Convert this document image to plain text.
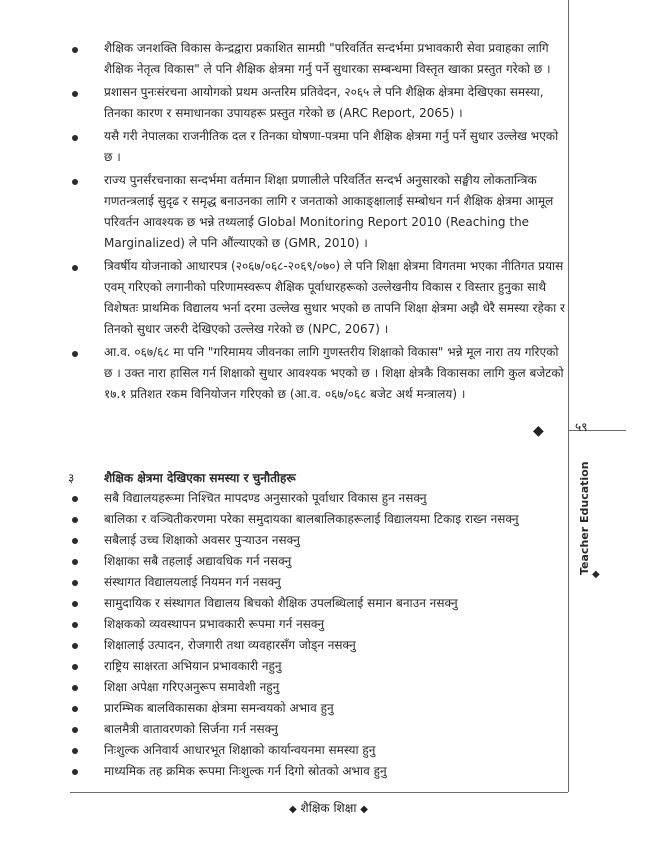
शैक्षिक जनशक्ति विकास केन्द्रद्वारा प्रकाशित सामग्री "परिवर्तित सन्दर्भमा प्रभावकारी सेवा प्रवाहका लागि शैक्षिक नेतृत्व विकास" ले पनि शैक्षिक क्षेत्रमा गर्नु पर्ने सुधारका सम्बन्धमा विस्तृत खाका प्रस्तुत गरेको छ ।
प्रशासन पुनःसंरचना आयोगको प्रथम अन्तरिम प्रतिवेदन, २०६५ ले पनि शैक्षिक क्षेत्रमा देखिएका समस्या, तिनका कारण र समाधानका उपायहरू प्रस्तुत गरेको छ (ARC Report, 2065) ।
यसै गरी नेपालका राजनीतिक दल र तिनका घोषणा-पत्रमा पनि शैक्षिक क्षेत्रमा गर्नु पर्ने सुधार उल्लेख भएको छ ।
राज्य पुनर्संरचनाका सन्दर्भमा वर्तमान शिक्षा प्रणालीले परिवर्तित सन्दर्भ अनुसारको सङ्घीय लोकतान्त्रिक गणतन्त्रलाई सुदृढ र समृद्ध बनाउनका लागि र जनताको आकाङ्क्षालाई सम्बोधन गर्न शैक्षिक क्षेत्रमा आमूल परिवर्तन आवश्यक छ भन्ने तथ्यलाई Global Monitoring Report 2010 (Reaching the Marginalized) ले पनि औंल्याएको छ (GMR, 2010) ।
त्रिवर्षीय योजनाको आधारपत्र (२०६७/०६८-२०६९/०७०) ले पनि शिक्षा क्षेत्रमा विगतमा भएका नीतिगत प्रयास एवम् गरिएको लगानीको परिणामस्वरूप शैक्षिक पूर्वाधारहरूको उल्लेखनीय विकास र विस्तार हुनुका साथै विशेषतः प्राथमिक विद्यालय भर्ना दरमा उल्लेख सुधार भएको छ तापनि शिक्षा क्षेत्रमा अझै धेरै समस्या रहेका र तिनको सुधार जरुरी देखिएको उल्लेख गरेको छ (NPC, 2067) ।
आ.व. ०६७/६८ मा पनि "गरिमामय जीवनका लागि गुणस्तरीय शिक्षाको विकास" भन्ने मूल नारा तय गरिएको छ । उक्त नारा हासिल गर्न शिक्षाको सुधार आवश्यक भएको छ । शिक्षा क्षेत्रकै विकासका लागि कुल बजेटको १७.१ प्रतिशत रकम विनियोजन गरिएको छ (आ.व. ०६७/०६८ बजेट अर्थ मन्त्रालय) ।
३ शैक्षिक क्षेत्रमा देखिएका समस्या र चुनौतीहरू
सबै विद्यालयहरूमा निश्चित मापदण्ड अनुसारको पूर्वाधार विकास हुन नसक्नु
बालिका र वञ्चितीकरणमा परेका समुदायका बालबालिकाहरूलाई विद्यालयमा टिकाइ राख्न नसक्नु
सबैलाई उच्च शिक्षाको अवसर पुऱ्याउन नसक्नु
शिक्षाका सबै तहलाई अद्यावधिक गर्न नसक्नु
संस्थागत विद्यालयलाई नियमन गर्न नसक्नु
सामुदायिक र संस्थागत विद्यालय बिचको शैक्षिक उपलब्धिलाई समान बनाउन नसक्नु
शिक्षकको व्यवस्थापन प्रभावकारी रूपमा गर्न नसक्नु
शिक्षालाई उत्पादन, रोजगारी तथा व्यवहारसँग जोड्न नसक्नु
राष्ट्रिय साक्षरता अभियान प्रभावकारी नहुनु
शिक्षा अपेक्षा गरिएअनुरूप समावेशी नहुनु
प्रारम्भिक बालविकासका क्षेत्रमा समन्वयको अभाव हुनु
बालमैत्री वातावरणको सिर्जना गर्न नसक्नु
निःशुल्क अनिवार्य आधारभूत शिक्षाको कार्यान्वयनमा समस्या हुनु
माध्यमिक तह क्रमिक रूपमा निःशुल्क गर्न दिगो स्रोतको अभाव हुनु
◆	५९
Teacher Education ◆
◆ शैक्षिक शिक्षा ◆
